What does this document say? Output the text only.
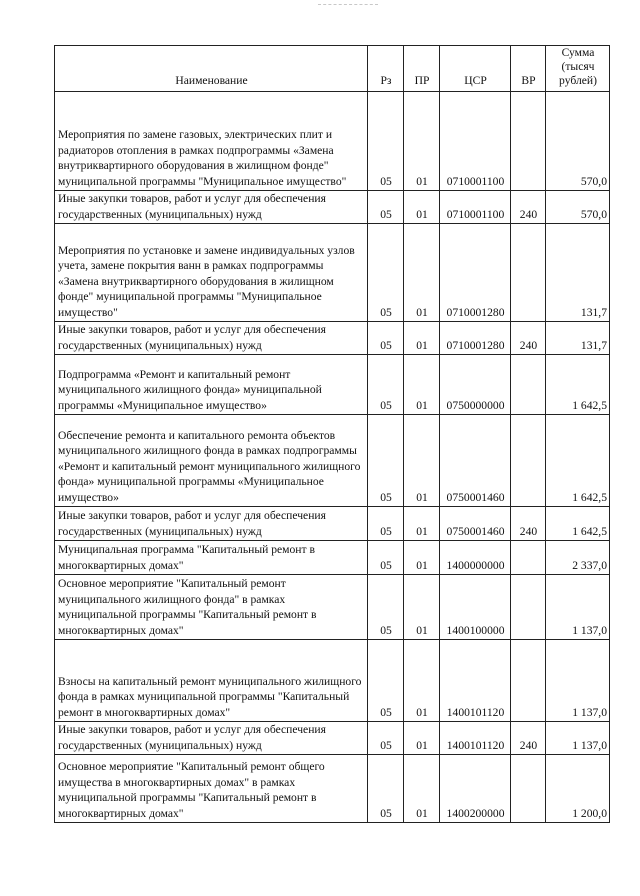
Наименование	Рз	ПР	ЦСР	ВР	Сумма (тысяч рублей)
Мероприятия по замене газовых, электрических плит и радиаторов отопления в рамках подпрограммы «Замена внутриквартирного оборудования в жилищном фонде" муниципальной программы "Муниципальное имущество"	05	01	0710001100		570,0
Иные закупки товаров, работ и услуг для обеспечения государственных (муниципальных) нужд	05	01	0710001100	240	570,0
Мероприятия по установке и замене индивидуальных узлов учета, замене покрытия ванн в рамках подпрограммы «Замена внутриквартирного оборудования в жилищном фонде" муниципальной программы "Муниципальное имущество"	05	01	0710001280		131,7
Иные закупки товаров, работ и услуг для обеспечения государственных (муниципальных) нужд	05	01	0710001280	240	131,7
Подпрограмма «Ремонт и капитальный ремонт муниципального жилищного фонда» муниципальной программы «Муниципальное имущество»	05	01	0750000000		1 642,5
Обеспечение ремонта и капитального ремонта объектов муниципального жилищного фонда в рамках подпрограммы «Ремонт и капитальный ремонт муниципального жилищного фонда» муниципальной программы «Муниципальное имущество»	05	01	0750001460		1 642,5
Иные закупки товаров, работ и услуг для обеспечения государственных (муниципальных) нужд	05	01	0750001460	240	1 642,5
Муниципальная программа "Капитальный ремонт в многоквартирных домах"	05	01	1400000000		2 337,0
Основное мероприятие "Капитальный ремонт муниципального жилищного фонда" в рамках муниципальной программы "Капитальный ремонт в многоквартирных домах"	05	01	1400100000		1 137,0
Взносы на капитальный ремонт муниципального жилищного фонда в рамках муниципальной программы "Капитальный ремонт в многоквартирных домах"	05	01	1400101120		1 137,0
Иные закупки товаров, работ и услуг для обеспечения государственных (муниципальных) нужд	05	01	1400101120	240	1 137,0
Основное мероприятие "Капитальный ремонт общего имущества в многоквартирных домах" в рамках муниципальной программы "Капитальный ремонт в многоквартирных домах"	05	01	1400200000		1 200,0
